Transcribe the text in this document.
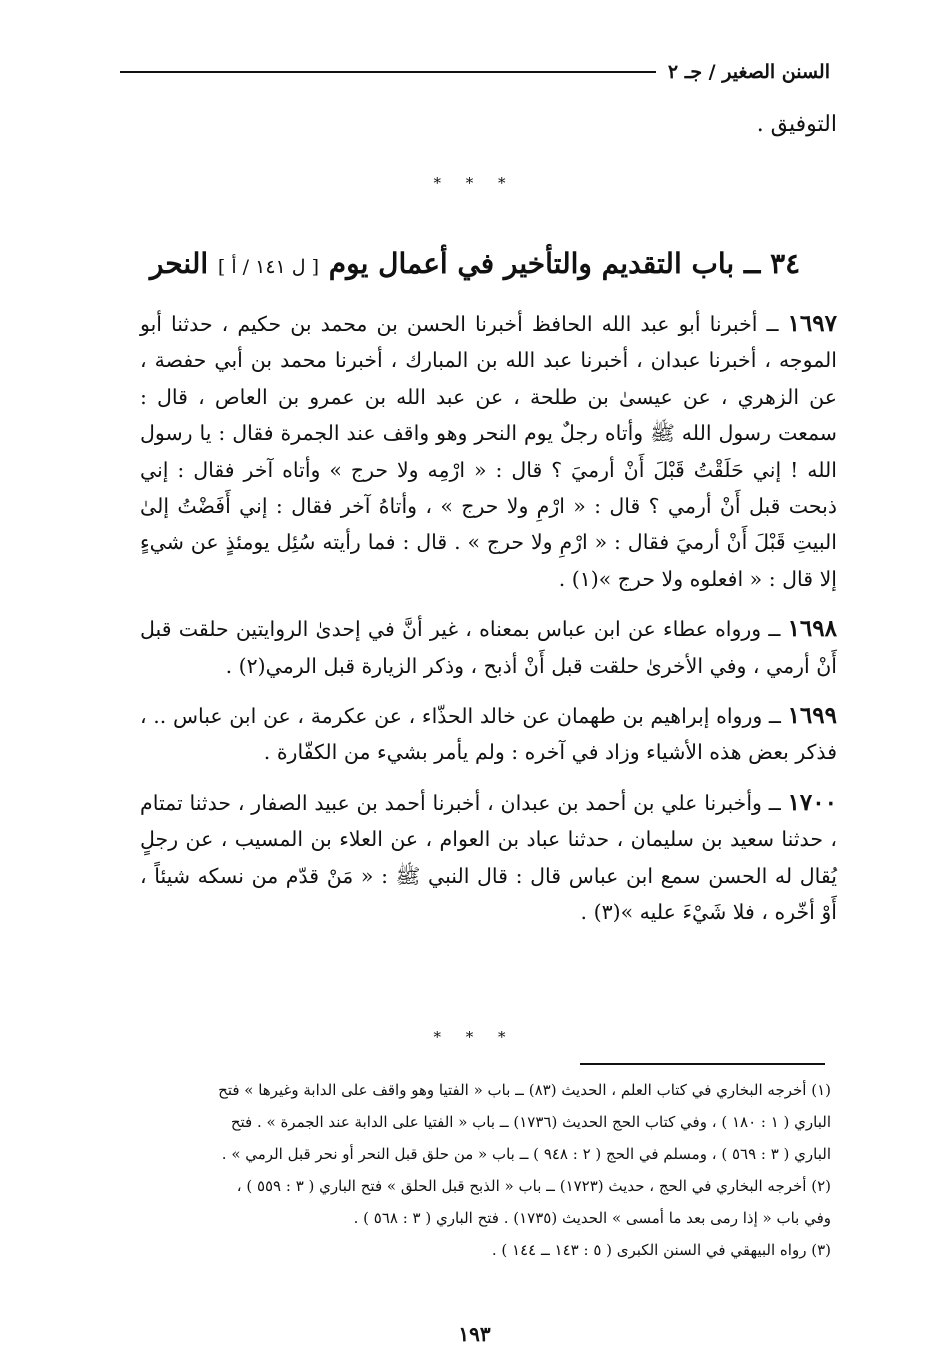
السنن الصغير / جـ ٢
التوفيق .
* * *
٣٤ ــ باب التقديم والتأخير في أعمال يوم [ ل ١٤١ / أ ] النحر

١٦٩٧ ــ أخبرنا أبو عبد الله الحافظ أخبرنا الحسن بن محمد بن حكيم ، حدثنا أبو الموجه ، أخبرنا عبدان ، أخبرنا عبد الله بن المبارك ، أخبرنا محمد بن أبي حفصة ، عن الزهري ، عن عيسىٰ بن طلحة ، عن عبد الله بن عمرو بن العاص ، قال : سمعت رسول الله ﷺ وأتاه رجلٌ يوم النحر وهو واقف عند الجمرة فقال : يا رسول الله ! إني حَلَقْتُ قَبْلَ أَنْ أرميَ ؟ قال : « ارْمِه ولا حرج » وأتاه آخر فقال : إني ذبحت قبل أَنْ أرمي ؟ قال : « ارْمِ ولا حرج » ، وأتاهُ آخر فقال : إني أَفَضْتُ إلىٰ البيتِ قَبْلَ أَنْ أرميَ فقال : « ارْمِ ولا حرج » . قال : فما رأيته سُئِل يومئذٍ عن شيءٍ إلا قال : « افعلوه ولا حرج »(١) .

١٦٩٨ ــ ورواه عطاء عن ابن عباس بمعناه ، غير أنَّ في إحدىٰ الروايتين حلقت قبل أَنْ أرمي ، وفي الأخرىٰ حلقت قبل أَنْ أذبح ، وذكر الزيارة قبل الرمي(٢) .

١٦٩٩ ــ ورواه إبراهيم بن طهمان عن خالد الحذّاء ، عن عكرمة ، عن ابن عباس .. ، فذكر بعض هذه الأشياء وزاد في آخره : ولم يأمر بشيء من الكفّارة .

١٧٠٠ ــ وأخبرنا علي بن أحمد بن عبدان ، أخبرنا أحمد بن عبيد الصفار ، حدثنا تمتام ، حدثنا سعيد بن سليمان ، حدثنا عباد بن العوام ، عن العلاء بن المسيب ، عن رجلٍ يُقال له الحسن سمع ابن عباس قال : قال النبي ﷺ : « مَنْ قدّم من نسكه شيئاً ، أَوْ أخّره ، فلا شَيْءَ عليه »(٣) .

* * *

(١) أخرجه البخاري في كتاب العلم ، الحديث (٨٣) ــ باب « الفتيا وهو واقف على الدابة وغيرها » فتح

الباري ( ١ : ١٨٠ ) ، وفي كتاب الحج الحديث (١٧٣٦) ــ باب « الفتيا على الدابة عند الجمرة » . فتح

الباري ( ٣ : ٥٦٩ ) ، ومسلم في الحج ( ٢ : ٩٤٨ ) ــ باب « من حلق قبل النحر أو نحر قبل الرمي » .

(٢) أخرجه البخاري في الحج ، حديث (١٧٢٣) ــ باب « الذبح قبل الحلق » فتح الباري ( ٣ : ٥٥٩ ) ،

وفي باب « إذا رمى بعد ما أمسى » الحديث (١٧٣٥) . فتح الباري ( ٣ : ٥٦٨ ) .

(٣) رواه البيهقي في السنن الكبرى ( ٥ : ١٤٣ ــ ١٤٤ ) .

١٩٣
